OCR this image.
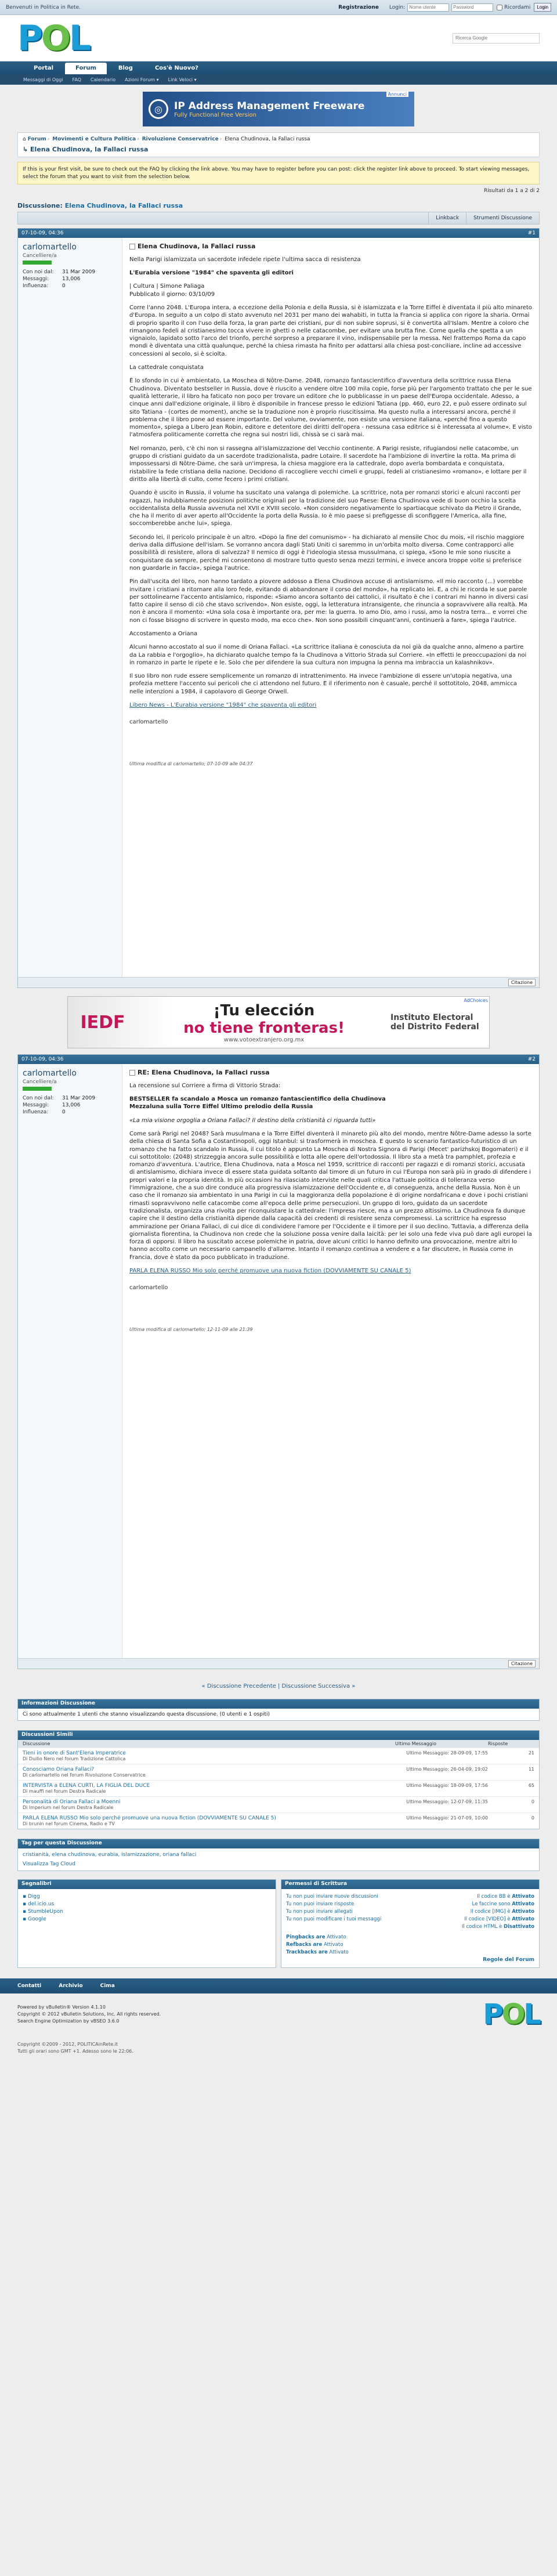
Benvenuti in Politica in Rete.	Registrazione Login:
Nome utente
Password	Ricordami	Login
POL
Ricerca Google
Portal	Forum	Blog	Cos'è Nuovo?
Messaggi di Oggi FAQ Calendario Azioni Forum ▾ Link Veloci ▾
◎	IP Address Management Freeware
Fully Functional Free Version
Annunci
⌂ Forum › Movimenti e Cultura Politica › Rivoluzione Conservatrice › Elena Chudinova, la Fallaci russa
↳ Elena Chudinova, la Fallaci russa
If this is your first visit, be sure to check out the FAQ by clicking the link above. You may have to register before you can post: click the register link above to proceed. To start viewing messages, select the forum that you want to visit from the selection below.
Risultati da 1 a 2 di 2
Discussione: Elena Chudinova, la Fallaci russa
Linkback	Strumenti Discussione
07-10-09, 04:36	#1
carlomartello
Cancelliere/a
Con noi dal: 31 Mar 2009
Messaggi:	13,006
Influenza:	0
Elena Chudinova, la Fallaci russa

Nella Parigi islamizzata un sacerdote infedele ripete l'ultima sacca di resistenza

L'Eurabia versione "1984" che spaventa gli editori

| Cultura | Simone Paliaga
Pubblicato il giorno: 03/10/09

Corre l'anno 2048. L'Europa intera, a eccezione della Polonia e della Russia, si è islamizzata e la Torre Eiffel è diventata il più alto minareto d'Europa. In seguito a un colpo di stato avvenuto nel 2031 per mano dei wahabiti, in tutta la Francia si applica con rigore la sharia. Ormai di proprio sparito il con l'uso della forza, la gran parte dei cristiani, pur di non subire soprusi, si è convertita all'Islam. Mentre a coloro che rimangono fedeli al cristianesimo tocca vivere in ghetti o nelle catacombe, per evitare una brutta fine. Come quella che spetta a un vignaiolo, lapidato sotto l'arco del trionfo, perché sorpreso a preparare il vino, indispensabile per la messa. Nel frattempo Roma da capo mondi è diventata una città qualunque, perché la chiesa rimasta ha finito per adattarsi alla chiesa post-conciliare, incline ad accessive concessioni al secolo, si è sciolta.

La cattedrale conquistata

È lo sfondo in cui è ambientato, La Moschea di Nôtre-Dame. 2048, romanzo fantascientifico d'avventura della scrittrice russa Elena Chudinova. Diventato bestseller in Russia, dove è riuscito a vendere oltre 100 mila copie, forse più per l'argomento trattato che per le sue qualità letterarie, il libro ha faticato non poco per trovare un editore che lo pubblicasse in un paese dell'Europa occidentale. Adesso, a cinque anni dall'edizione originale, il libro è disponibile in francese presso le edizioni Tatiana (pp. 460, euro 22, e può essere ordinato sul sito Tatiana - (cortes de moment), anche se la traduzione non è proprio riuscitissima. Ma questo nulla a interessarsi ancora, perché il problema che il libro pone ad essere importante. Del volume, ovviamente, non esiste una versione italiana, «perché fino a questo momento», spiega a Libero Jean Robin, editore e detentore dei diritti dell'opera - nessuna casa editrice si è interessata al volume». E visto l'atmosfera politicamente corretta che regna sui nostri lidi, chissà se ci sarà mai.

Nel romanzo, però, c'è chi non si rassegna all'islamizzazione del Vecchio continente. A Parigi resiste, rifugiandosi nelle catacombe, un gruppo di cristiani guidato da un sacerdote tradizionalista, padre Lotaire. Il sacerdote ha l'ambizione di invertire la rotta. Ma prima di impossessarsi di Nôtre-Dame, che sarà un'impresa, la chiesa maggiore era la cattedrale, dopo averla bombardata e conquistata, ristabilire la fede cristiana della nazione. Decidono di raccogliere vecchi cimeli e gruppi, fedeli al cristianesimo «romano», e lottare per il diritto alla libertà di culto, come fecero i primi cristiani.

Quando è uscito in Russia, il volume ha suscitato una valanga di polemiche. La scrittrice, nota per romanzi storici e alcuni racconti per ragazzi, ha indubbiamente posizioni politiche originali per la tradizione del suo Paese: Elena Chudinova vede di buon occhio la scelta occidentalista della Russia avvenuta nel XVII e XVIII secolo. «Non considero negativamente lo spartiacque schivato da Pietro il Grande, che ha il merito di aver aperto all'Occidente la porta della Russia. Io è mio paese si prefiggesse di sconfiggere l'America, alla fine, soccomberebbe anche lui», spiega.

Secondo lei, il pericolo principale è un altro. «Dopo la fine del comunismo» - ha dichiarato al mensile Choc du mois, «il rischio maggiore deriva dalla diffusione dell'islam. Se vorranno ancora dagli Stati Uniti ci saremmo in un'orbita molto diversa. Come contrapporci alle possibilità di resistere, allora di salvezza? Il nemico di oggi è l'ideologia stessa mussulmana, ci spiega, «Sono le mie sono riuscite a conquistare da sempre, perché mi consentono di mostrare tutto questo senza mezzi termini, e invece ancora troppe volte si preferisce non guardarle in faccia», spiega l'autrice.

Pin dall'uscita del libro, non hanno tardato a piovere addosso a Elena Chudinova accuse di antislamismo. «Il mio racconto (...) vorrebbe invitare i cristiani a ritornare alla loro fede, evitando di abbandonare il corso del mondo», ha replicato lei. E, a chi le ricorda le sue parole per sottolinearne l'accento antislamico, risponde: «Siamo ancora soltanto dei cattolici, il risultato è che i contrari mi hanno in diversi casi fatto capire il senso di ciò che stavo scrivendo». Non esiste, oggi, la letteratura intransigente, che rinuncia a sopravvivere alla realtà. Ma non è ancora il momento: «Una sola cosa è importante ora, per me: la guerra. Io amo Dio, amo i russi, amo la nostra terra... e vorrei che non ci fosse bisogno di scrivere in questo modo, ma ecco che». Non sono possibili cinquant'anni, continuerà a fare», spiega l'autrice.

Accostamento a Oriana

Alcuni hanno accostato al suo il nome di Oriana Fallaci. «La scrittrice italiana è conosciuta da noi già da qualche anno, almeno a partire da La rabbia e l'orgoglio», ha dichiarato qualche tempo fa la Chudinova a Vittorio Strada sul Corriere. «In effetti le preoccupazioni da noi in romanzo in parte le ripete e le. Solo che per difendere la sua cultura non impugna la penna ma imbraccia un kalashnikov».

Il suo libro non rude essere semplicemente un romanzo di intrattenimento. Ha invece l'ambizione di essere un'utopia negativa, una profezia mettere l'accento sui pericoli che ci attendono nel futuro. E il riferimento non è casuale, perché il sottotitolo, 2048, ammicca nelle intenzioni a 1984, il capolavoro di George Orwell.

Libero News - L'Eurabia versione "1984" che spaventa gli editori

carlomartello
Ultima modifica di carlomartello; 07-10-09 alle 04:37
Citazione
IEDF
¡Tu elección
no tiene fronteras!
www.votoextranjero.org.mx
Instituto Electoral del Distrito Federal
AdChoices
07-10-09, 04:36	#2
carlomartello
Cancelliere/a
Con noi dal: 31 Mar 2009
Messaggi:	13,006
Influenza:	0
RE: Elena Chudinova, la Fallaci russa

La recensione sul Corriere a firma di Vittorio Strada:

BESTSELLER fa scandalo a Mosca un romanzo fantascientifico della Chudinova
Mezzaluna sulla Torre Eiffel Ultimo prelodio della Russia

«La mia visione orgoglia a Oriana Fallaci? Il destino della cristianità ci riguarda tutti»

Come sarà Parigi nel 2048? Sarà musulmana e la Torre Eiffel diventerà il minareto più alto del mondo, mentre Nôtre-Dame adesso la sorte della chiesa di Santa Sofia a Costantinopoli, oggi Istanbul: si trasformerà in moschea. E questo lo scenario fantastico-futuristico di un romanzo che ha fatto scandalo in Russia, il cui titolo è appunto La Moschea di Nostra Signora di Parigi (Mecet' parizhskoj Bogomateri) e il cui sottotitolo: (2048) strizzeggia ancora sulle possibilità e lotta alle opere dell'ortodossia. Il libro sta a metà tra pamphlet, profezia e romanzo d'avventura. L'autrice, Elena Chudinova, nata a Mosca nel 1959, scrittrice di racconti per ragazzi e di romanzi storici, accusata di antislamismo, dichiara invece di essere stata guidata soltanto dal timore di un futuro in cui l'Europa non sarà più in grado di difendere i propri valori e la propria identità. In più occasioni ha rilasciato interviste nelle quali critica l'attuale politica di tolleranza verso l'immigrazione, che a suo dire conduce alla progressiva islamizzazione dell'Occidente e, di conseguenza, anche della Russia. Non è un caso che il romanzo sia ambientato in una Parigi in cui la maggioranza della popolazione è di origine nordafricana e dove i pochi cristiani rimasti sopravvivono nelle catacombe come all'epoca delle prime persecuzioni. Un gruppo di loro, guidato da un sacerdote tradizionalista, organizza una rivolta per riconquistare la cattedrale: l'impresa riesce, ma a un prezzo altissimo. La Chudinova fa dunque capire che il destino della cristianità dipende dalla capacità dei credenti di resistere senza compromessi. La scrittrice ha espresso ammirazione per Oriana Fallaci, di cui dice di condividere l'amore per l'Occidente e il timore per il suo declino. Tuttavia, a differenza della giornalista fiorentina, la Chudinova non crede che la soluzione possa venire dalla laicità: per lei solo una fede viva può dare agli europei la forza di opporsi. Il libro ha suscitato accese polemiche in patria, dove alcuni critici lo hanno definito una provocazione, mentre altri lo hanno accolto come un necessario campanello d'allarme. Intanto il romanzo continua a vendere e a far discutere, in Russia come in Francia, dove è stato da poco pubblicato in traduzione.

PARLA ELENA RUSSO Mio solo perché promuove una nuova fiction (DOVVIAMENTE SU CANALE 5)

carlomartello
Ultima modifica di carlomartello; 12-11-09 alle 21:39
Citazione
« Discussione Precedente | Discussione Successiva »
Informazioni Discussione
Ci sono attualmente 1 utenti che stanno visualizzando questa discussione. (0 utenti e 1 ospiti)
Discussioni Simili
Discussione	Ultimo Messaggio	Risposte
Tieni in onore di Sant'Elena Imperatrice
Di Duilio Nero nel forum Tradizione Cattolica
Ultimo Messaggio: 28-09-09, 17:55	21
Conosciamo Oriana Fallaci?
Di carlomartello nel forum Rivoluzione Conservatrice
Ultimo Messaggio: 26-04-09, 19:02	11
INTERVISTA a ELENA CURTI, LA FIGLIA DEL DUCE
Di mauffi nel forum Destra Radicale
Ultimo Messaggio: 18-09-09, 17:56	65
Personalità di Oriana Fallaci a Moenni
Di Imperium nel forum Destra Radicale
Ultimo Messaggio: 12-07-09, 11:35	0
PARLA ELENA RUSSO Mio solo perché promuove una nuova fiction (DOVVIAMENTE SU CANALE 5)
Di brunin nel forum Cinema, Radio e TV
Ultimo Messaggio: 21-07-09, 10:00	0
Tag per questa Discussione
cristianità, elena chudinova, eurabia, islamizzazione, oriana fallaci
Visualizza Tag Cloud
Segnalibri
▪ Digg
▪ del.icio.us
▪ StumbleUpon
▪ Google
Permessi di Scrittura
Tu non puoi inviare nuove discussioni	Il codice BB è Attivato
Tu non puoi inviare risposte	Le faccine sono Attivato
Tu non puoi inviare allegati	Il codice [IMG] è Attivato
Tu non puoi modificare i tuoi messaggi	Il codice [VIDEO] è Attivato
Il codice HTML è Disattivato
Pingbacks are Attivato
Refbacks are Attivato
Trackbacks are Attivato
Regole del Forum
Contatti	Archivio	Cima
Powered by vBulletin® Version 4.1.10
Copyright © 2012 vBulletin Solutions, Inc. All rights reserved.
Search Engine Optimization by vBSEO 3.6.0	POL
Copyright ©2009 - 2012, POLITICAinRete.it
Tutti gli orari sono GMT +1. Adesso sono le 22:06.
